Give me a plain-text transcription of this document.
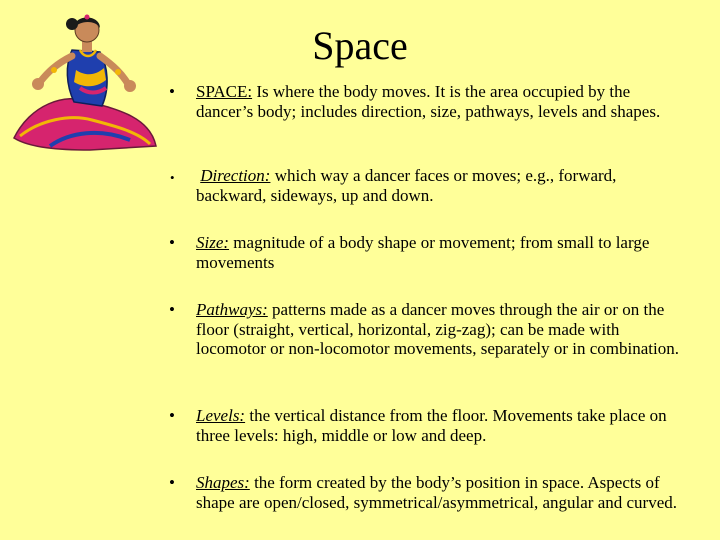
Space
• SPACE: Is where the body moves. It is the area occupied by the dancer’s body; includes direction, size, pathways, levels and shapes.
• Direction: which way a dancer faces or moves; e.g., forward, backward, sideways, up and down.
• Size: magnitude of a body shape or movement; from small to large movements
• Pathways: patterns made as a dancer moves through the air or on the floor (straight, vertical, horizontal, zig-zag); can be made with locomotor or non-locomotor movements, separately or in combination.
• Levels: the vertical distance from the floor. Movements take place on three levels: high, middle or low and deep.
• Shapes: the form created by the body’s position in space. Aspects of shape are open/closed, symmetrical/asymmetrical, angular and curved.
